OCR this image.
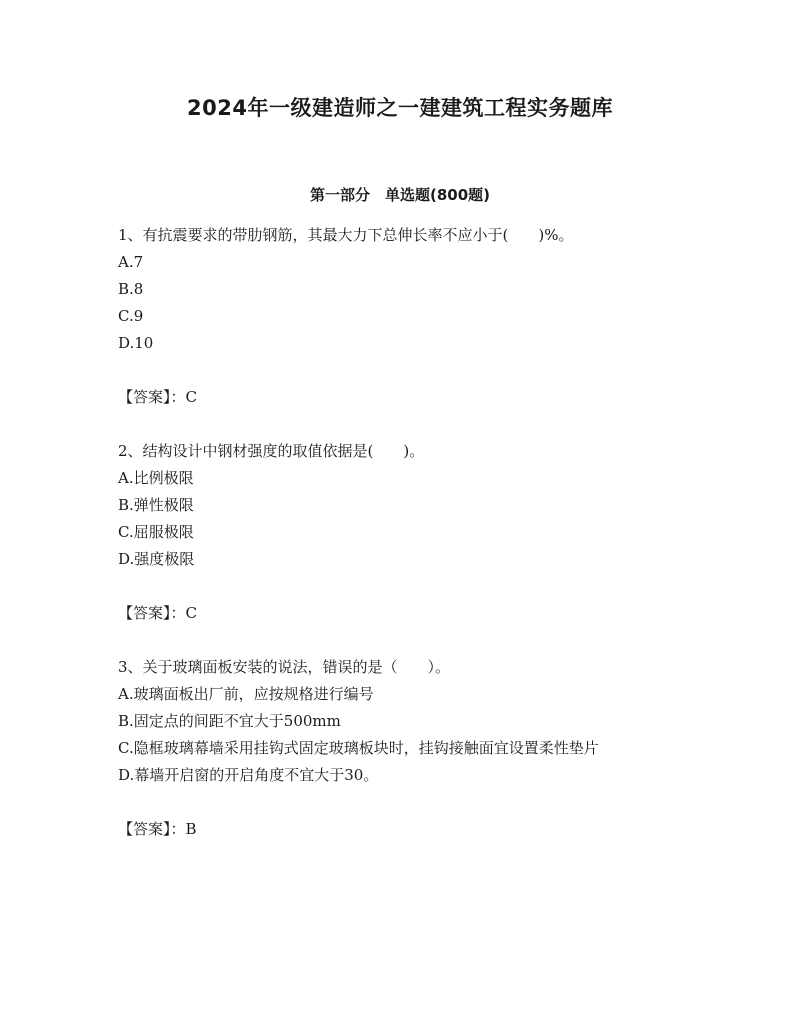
2024年一级建造师之一建建筑工程实务题库
第一部分　单选题(800题)
1、有抗震要求的带肋钢筋，其最大力下总伸长率不应小于(　　)%。
A.7
B.8
C.9
D.10
【答案】：C
2、结构设计中钢材强度的取值依据是(　　)。
A.比例极限
B.弹性极限
C.屈服极限
D.强度极限
【答案】：C
3、关于玻璃面板安装的说法，错误的是（　　）。
A.玻璃面板出厂前，应按规格进行编号
B.固定点的间距不宜大于500mm
C.隐框玻璃幕墙采用挂钩式固定玻璃板块时，挂钩接触面宜设置柔性垫片
D.幕墙开启窗的开启角度不宜大于30。
【答案】：B
